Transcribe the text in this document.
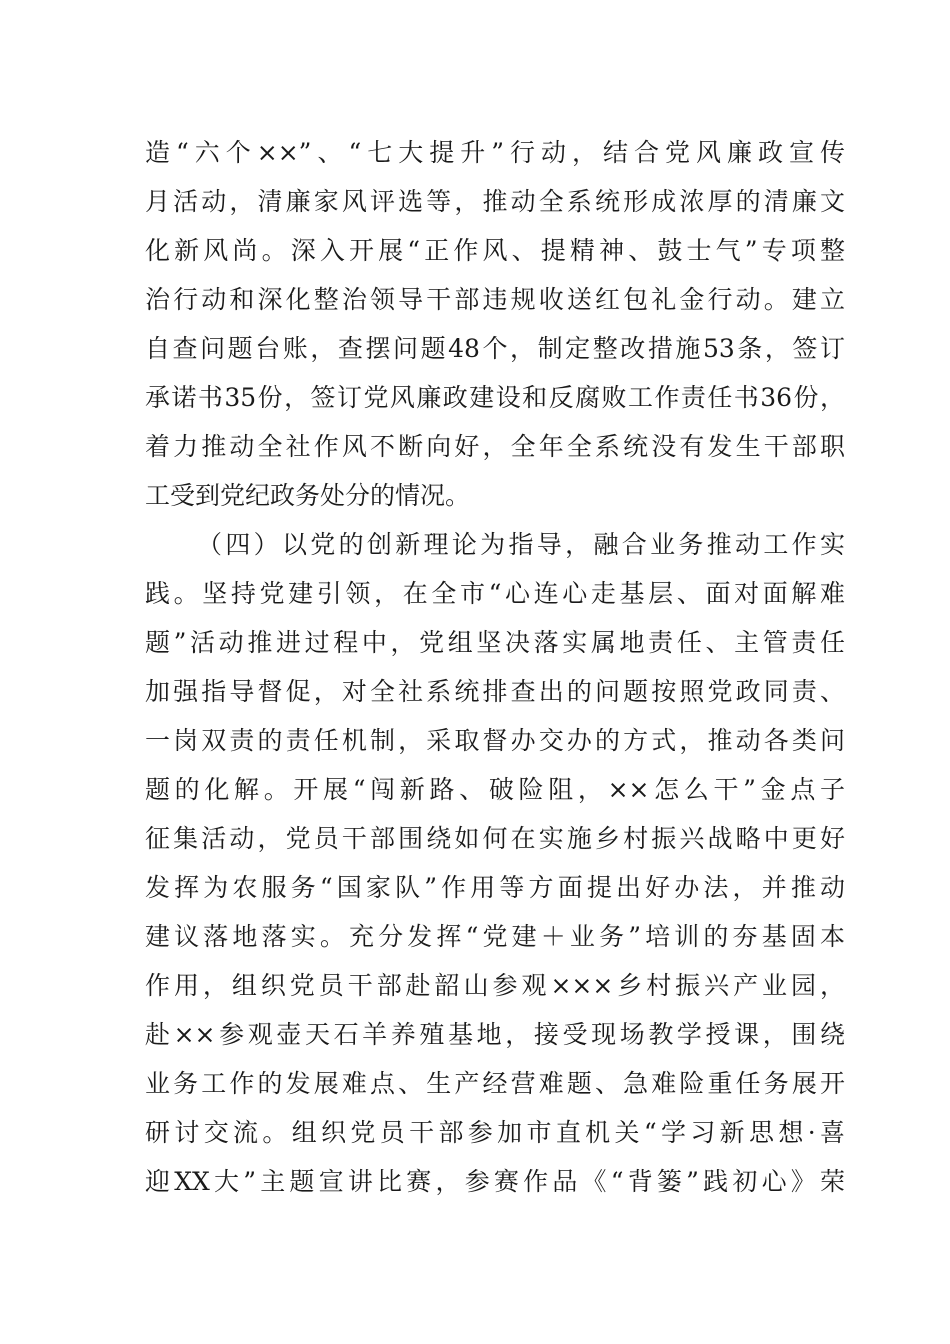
造“六个××”、“七大提升”行动，结合党风廉政宣传
月活动，清廉家风评选等，推动全系统形成浓厚的清廉文
化新风尚。深入开展“正作风、提精神、鼓士气”专项整
治行动和深化整治领导干部违规收送红包礼金行动。建立
自查问题台账，查摆问题48个，制定整改措施53条，签订
承诺书35份，签订党风廉政建设和反腐败工作责任书36份，
着力推动全社作风不断向好，全年全系统没有发生干部职
工受到党纪政务处分的情况。
（四）以党的创新理论为指导，融合业务推动工作实
践。坚持党建引领，在全市“心连心走基层、面对面解难
题”活动推进过程中，党组坚决落实属地责任、主管责任
加强指导督促，对全社系统排查出的问题按照党政同责、
一岗双责的责任机制，采取督办交办的方式，推动各类问
题的化解。开展“闯新路、破险阻，××怎么干”金点子
征集活动，党员干部围绕如何在实施乡村振兴战略中更好
发挥为农服务“国家队”作用等方面提出好办法，并推动
建议落地落实。充分发挥“党建＋业务”培训的夯基固本
作用，组织党员干部赴韶山参观×××乡村振兴产业园，
赴××参观壶天石羊养殖基地，接受现场教学授课，围绕
业务工作的发展难点、生产经营难题、急难险重任务展开
研讨交流。组织党员干部参加市直机关“学习新思想·喜
迎XX大”主题宣讲比赛，参赛作品《“背篓”践初心》荣
